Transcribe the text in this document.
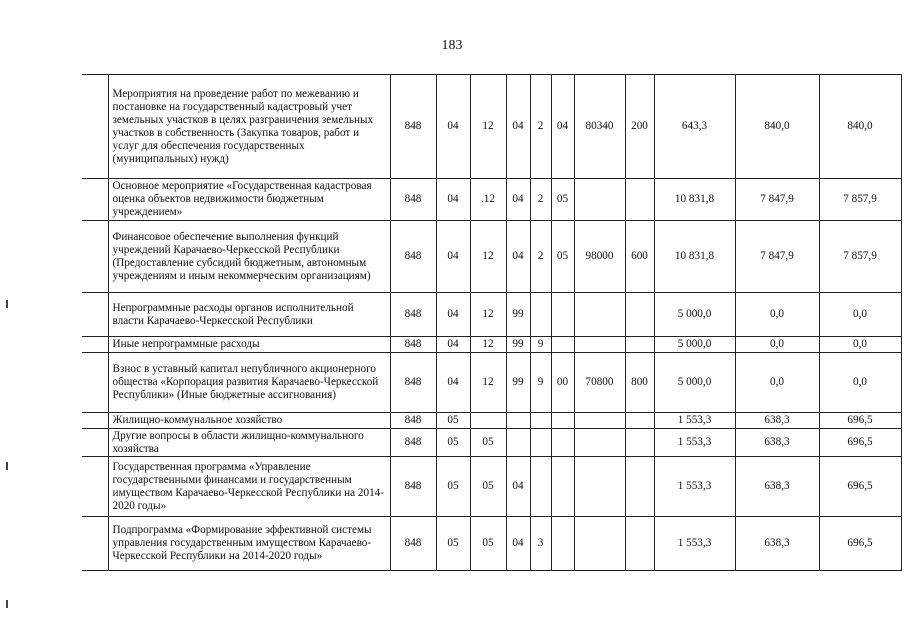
183
	Мероприятия на проведение работ по межеванию и постановке на государственный кадастровый учет земельных участков в целях разграничения земельных участков в собственность (Закупка товаров, работ и услуг для обеспечения государственных (муниципальных) нужд)	848	04	12	04	2	04	80340	200	643,3	840,0	840,0
	Основное мероприятие «Государственная кадастровая оценка объектов недвижимости бюджетным учреждением»	848	04	.12	04	2	05			10 831,8	7 847,9	7 857,9
	Финансовое обеспечение выполнения функций учреждений Карачаево-Черкесской Республики (Предоставление субсидий бюджетным, автономным учреждениям и иным некоммерческим организациям)	848	04	12	04	2	05	98000	600	10 831,8	7 847,9	7 857,9
	Непрограммные расходы органов исполнительной власти Карачаево-Черкесской Республики	848	04	12	99					5 000,0	0,0	0,0
	Иные непрограммные расходы	848	04	12	99	9				5 000,0	0,0	0,0
	Взнос в уставный капитал непубличного акционерного общества «Корпорация развития Карачаево-Черкесской Республики» (Иные бюджетные ассигнования)	848	04	12	99	9	00	70800	800	5 000,0	0,0	0,0
	Жилищно-коммунальное хозяйство	848	05							1 553,3	638,3	696,5
	Другие вопросы в области жилищно-коммунального хозяйства	848	05	05						1 553,3	638,3	696,5
	Государственная программа «Управление государственными финансами и государственным имуществом Карачаево-Черкесской Республики на 2014-2020 годы»	848	05	05	04					1 553,3	638,3	696,5
	Подпрограмма «Формирование эффективной системы управления государственным имуществом Карачаево-Черкесской Республики на 2014-2020 годы»	848	05	05	04	3				1 553,3	638,3	696,5
